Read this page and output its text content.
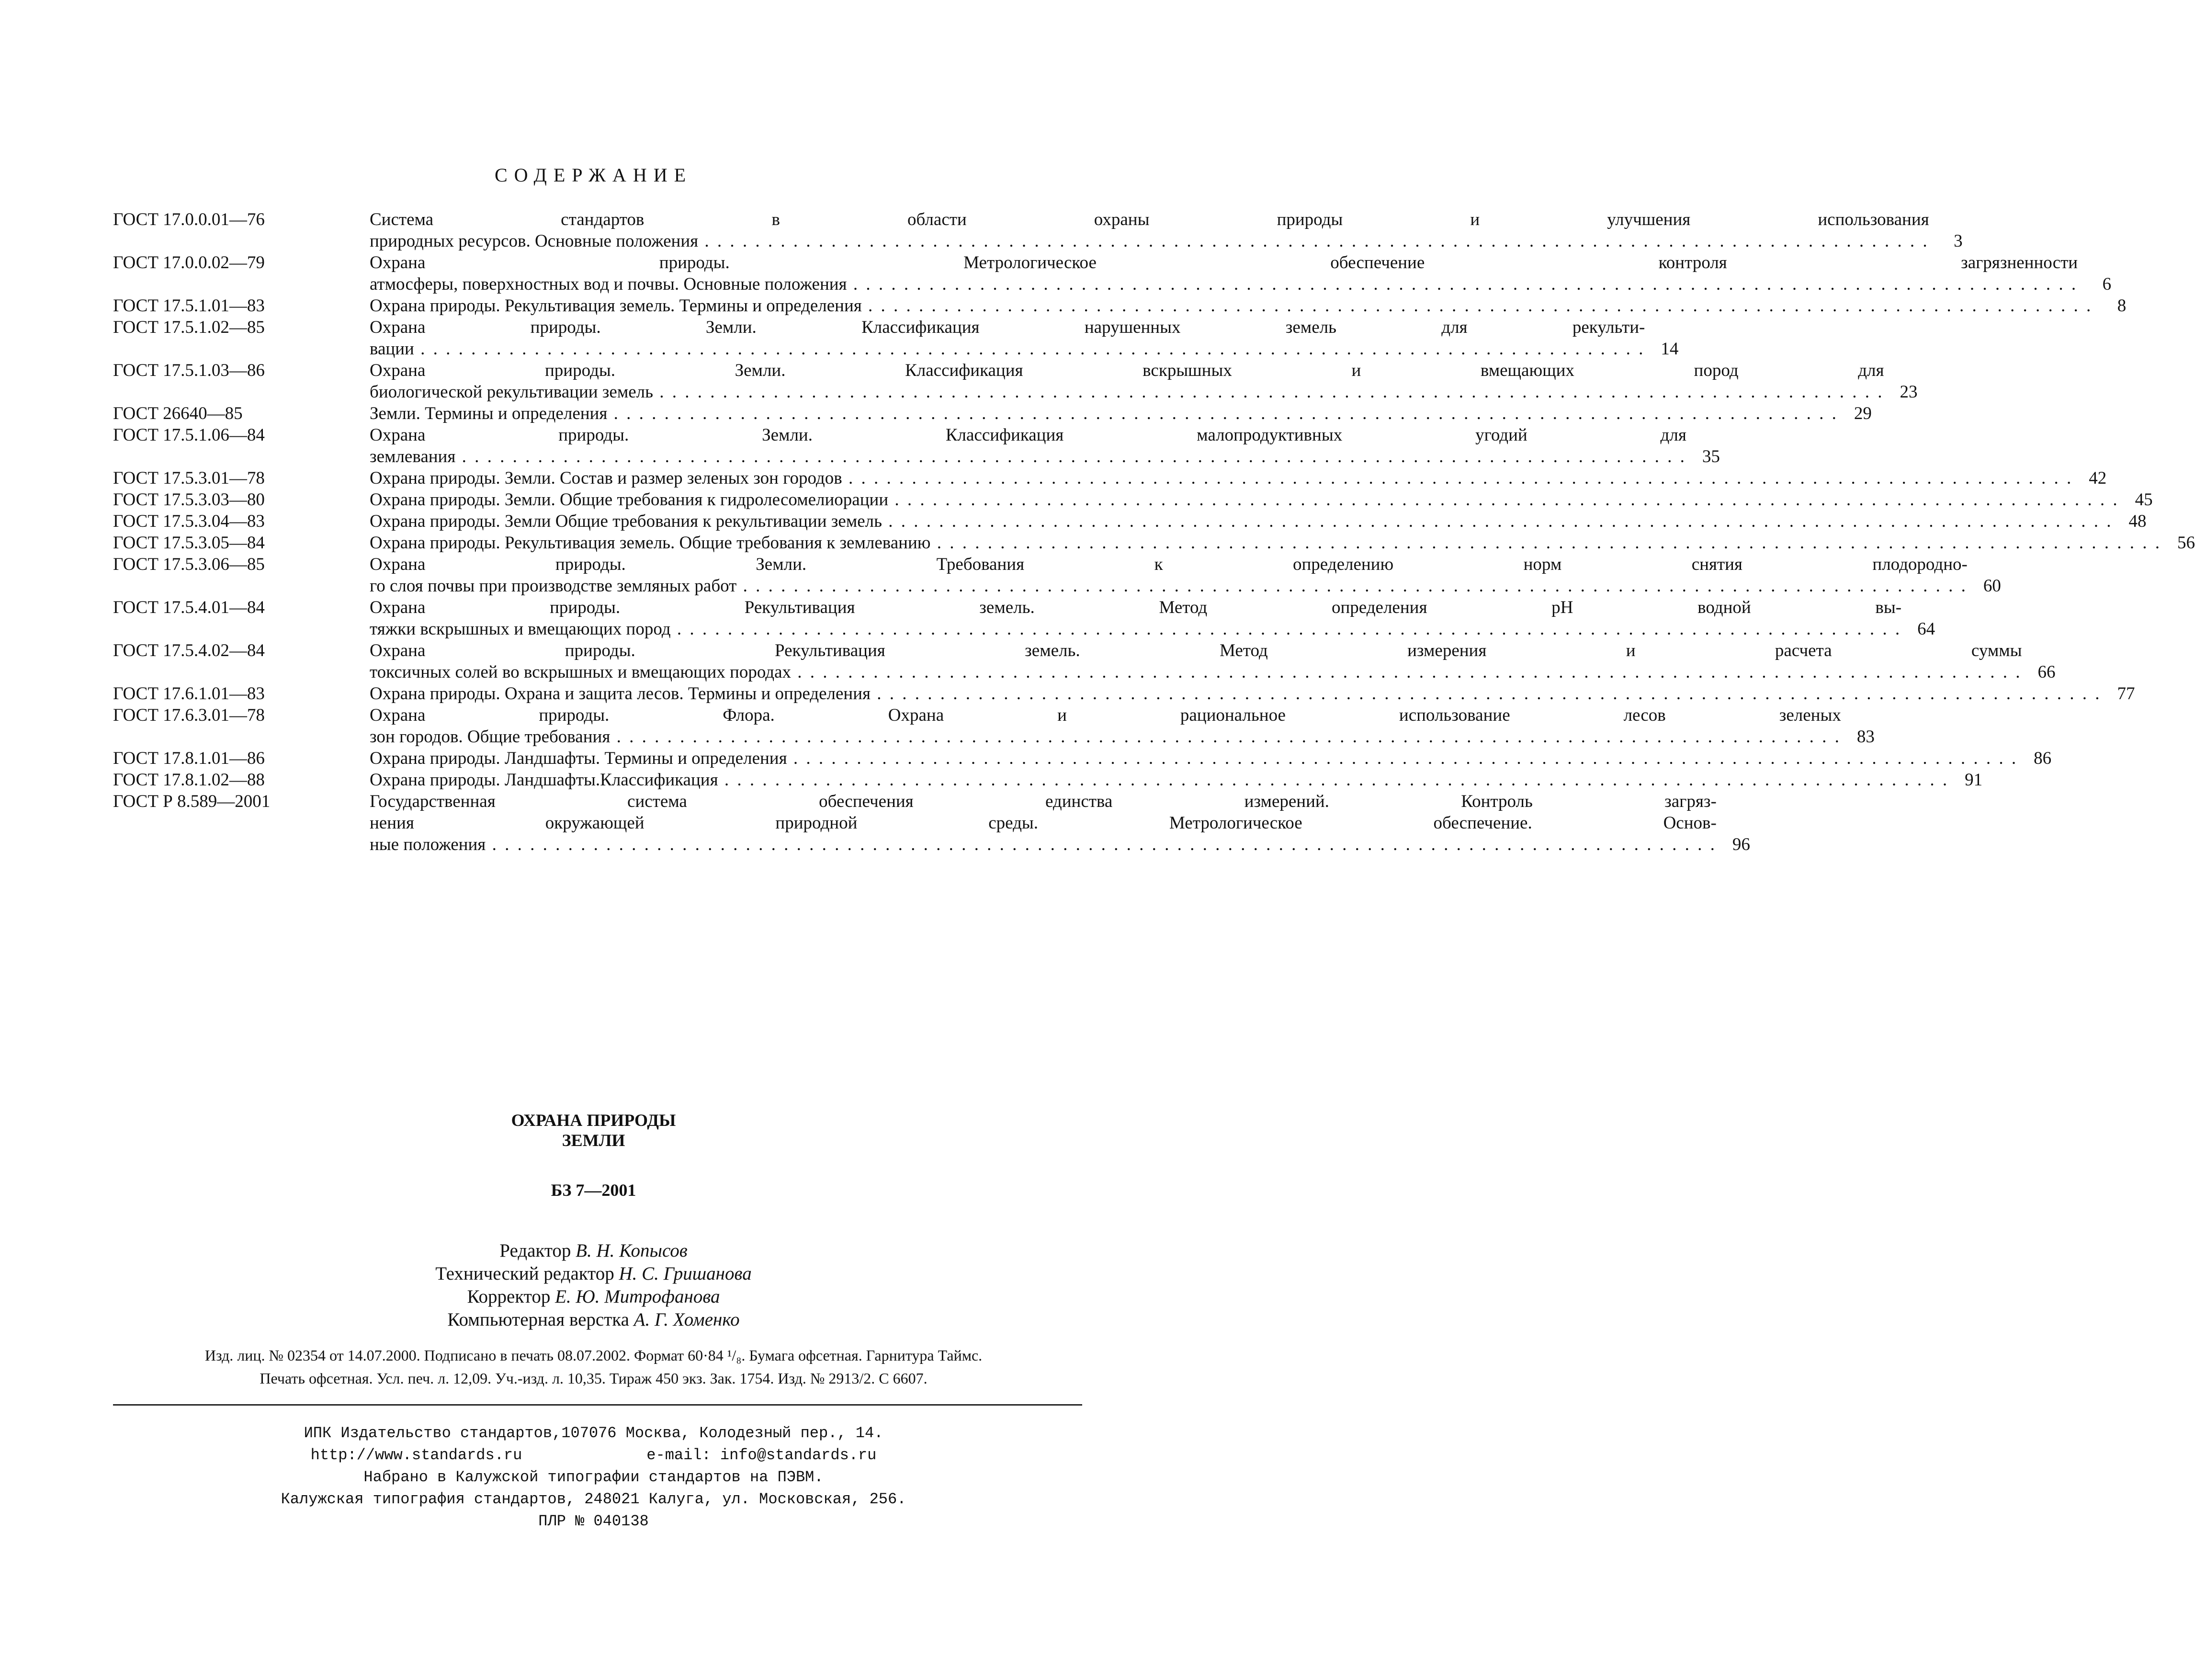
СОДЕРЖАНИЕ
ГОСТ 17.0.0.01—76	Система стандартов в области охраны природы и улучшения использования
природных ресурсов. Основные положения . . .	3
ГОСТ 17.0.0.02—79	Охрана природы. Метрологическое обеспечение контроля загрязненности
атмосферы, поверхностных вод и почвы. Основные положения . . .	6
ГОСТ 17.5.1.01—83	Охрана природы. Рекультивация земель. Термины и определения . . .	8
ГОСТ 17.5.1.02—85	Охрана природы. Земли. Классификация нарушенных земель для рекульти-
вации . . .	14
ГОСТ 17.5.1.03—86	Охрана природы. Земли. Классификация вскрышных и вмещающих пород для
биологической рекультивации земель . . .	23
ГОСТ 26640—85	Земли. Термины и определения . . .	29
ГОСТ 17.5.1.06—84	Охрана природы. Земли. Классификация малопродуктивных угодий для
землевания . . .	35
ГОСТ 17.5.3.01—78	Охрана природы. Земли. Состав и размер зеленых зон городов . . .	42
ГОСТ 17.5.3.03—80	Охрана природы. Земли. Общие требования к гидролесомелиорации . . .	45
ГОСТ 17.5.3.04—83	Охрана природы. Земли Общие требования к рекультивации земель . . .	48
ГОСТ 17.5.3.05—84	Охрана природы. Рекультивация земель. Общие требования к землеванию . . .	56
ГОСТ 17.5.3.06—85	Охрана природы. Земли. Требования к определению норм снятия плодородно-
го слоя почвы при производстве земляных работ . . .	60
ГОСТ 17.5.4.01—84	Охрана природы. Рекультивация земель. Метод определения pH водной вы-
тяжки вскрышных и вмещающих пород . . .	64
ГОСТ 17.5.4.02—84	Охрана природы. Рекультивация земель. Метод измерения и расчета суммы
токсичных солей во вскрышных и вмещающих породах . . .	66
ГОСТ 17.6.1.01—83	Охрана природы. Охрана и защита лесов. Термины и определения . . .	77
ГОСТ 17.6.3.01—78	Охрана природы. Флора. Охрана и рациональное использование лесов зеленых
зон городов. Общие требования . . .	83
ГОСТ 17.8.1.01—86	Охрана природы. Ландшафты. Термины и определения . . .	86
ГОСТ 17.8.1.02—88	Охрана природы. Ландшафты.Классификация . . .	91
ГОСТ Р 8.589—2001	Государственная система обеспечения единства измерений. Контроль загряз-
нения окружающей природной среды. Метрологическое обеспечение. Основ-
ные положения . . .	96
ОХРАНА ПРИРОДЫ
ЗЕМЛИ
БЗ 7—2001
Редактор В. Н. Копысов
Технический редактор Н. С. Гришанова
Корректор Е. Ю. Митрофанова
Компьютерная верстка А. Г. Хоменко
Изд. лиц. № 02354 от 14.07.2000. Подписано в печать 08.07.2002. Формат 60·84 ¹/₈. Бумага офсетная. Гарнитура Таймс.
Печать офсетная. Усл. печ. л. 12,09. Уч.-изд. л. 10,35. Тираж 450 экз. Зак. 1754. Изд. № 2913/2. С 6607.
ИПК Издательство стандартов,107076 Москва, Колодезный пер., 14.
http://www.standards.ru	e-mail: info@standards.ru
Набрано в Калужской типографии стандартов на ПЭВМ.
Калужская типография стандартов, 248021 Калуга, ул. Московская, 256.
ПЛР № 040138
